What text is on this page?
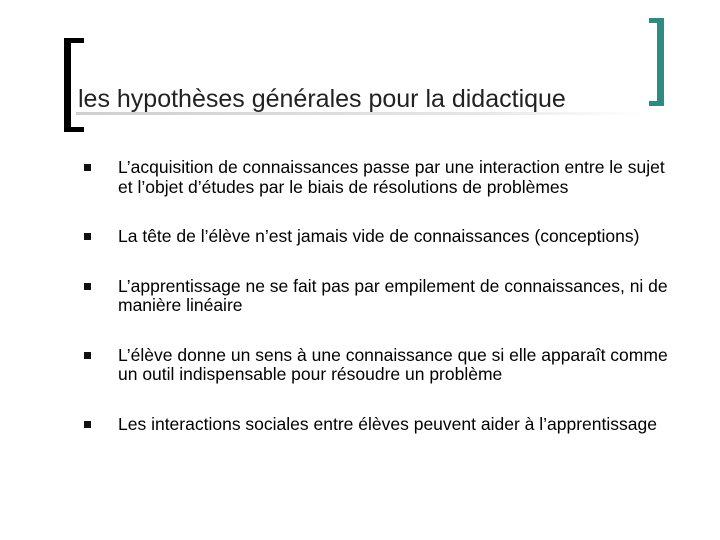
les hypothèses générales pour la didactique
L’acquisition de connaissances passe par une interaction entre le sujet et l’objet d’études par le biais de résolutions de problèmes
La tête de l’élève n’est jamais vide de connaissances (conceptions)
L’apprentissage ne se fait pas par empilement de connaissances, ni de manière linéaire
L’élève donne un sens à une connaissance que si elle apparaît comme un outil indispensable pour résoudre un problème
Les interactions sociales entre élèves peuvent aider à l’apprentissage
